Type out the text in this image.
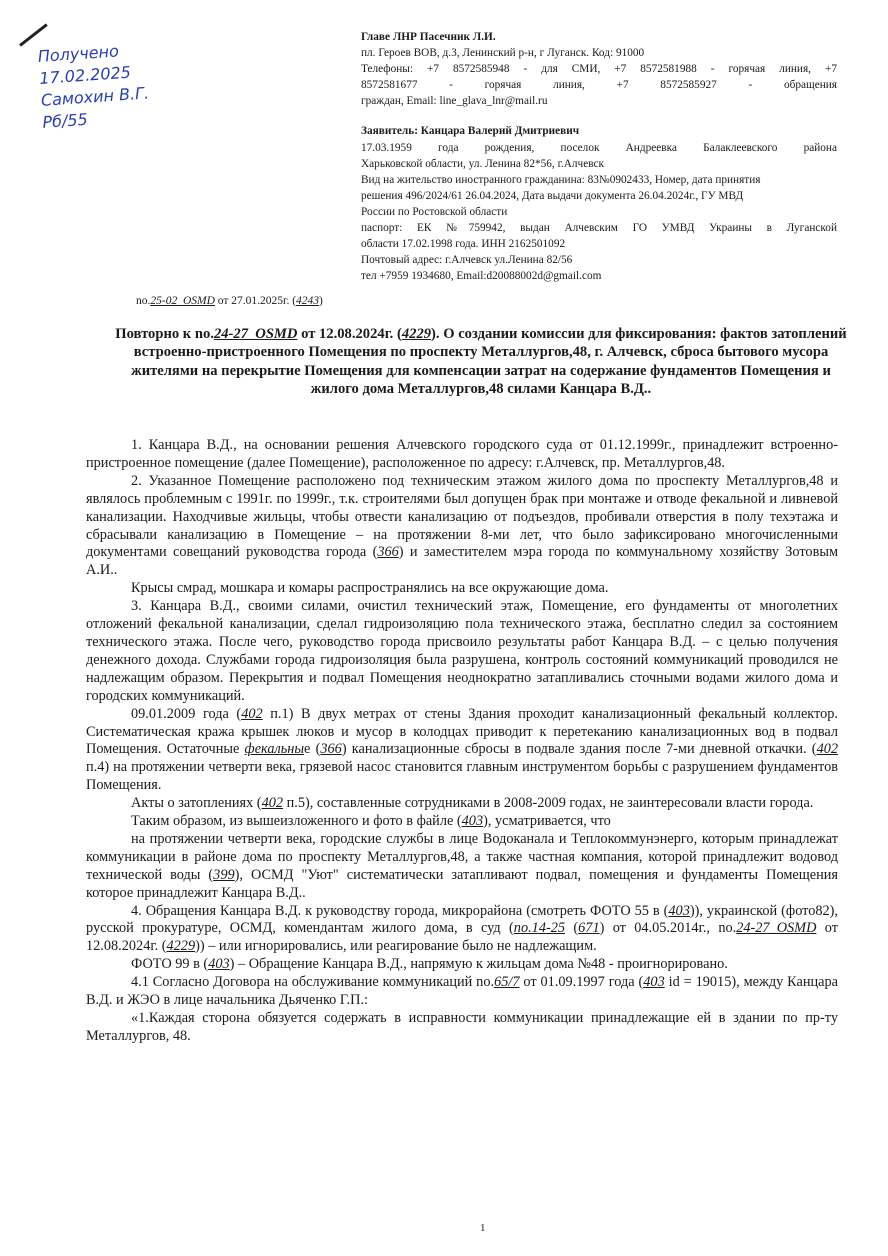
Получено
17.02.2025
Самохин В.Г.
Рб/55
Главе ЛНР Пасечник Л.И.
пл. Героев ВОВ, д.3, Ленинский р-н, г Луганск. Код: 91000
Телефоны: +7 8572585948 - для СМИ, +7 8572581988 - горячая линия, +7
8572581677 - горячая линия, +7 8572585927 - обращения
граждан, Email: line_glava_lnr@mail.ru
Заявитель: Канцара Валерий Дмитриевич
17.03.1959 года рождения, поселок Андреевка Балаклеевского района
Харьковской области, ул. Ленина 82*56, г.Алчевск
Вид на жительство иностранного гражданина: 83№0902433, Номер, дата принятия
решения 496/2024/61 26.04.2024, Дата выдачи документа 26.04.2024г., ГУ МВД
России по Ростовской области
паспорт: ЕК №759942, выдан Алчевским ГО УМВД Украины в Луганской
области 17.02.1998 года. ИНН 2162501092
Почтовый адрес: г.Алчевск ул.Ленина 82/56
тел +7959 1934680, Email:d20088002d@gmail.com
no.25-02_OSMD от 27.01.2025г. (4243)
Повторно к no.24-27_OSMD от 12.08.2024г. (4229). О создании комиссии для фиксирования: фактов затоплений встроенно-пристроенного Помещения по проспекту Металлургов,48, г. Алчевск, сброса бытового мусора жителями на перекрытие Помещения для компенсации затрат на содержание фундаментов Помещения и жилого дома Металлургов,48 силами Канцара В.Д..

1. Канцара В.Д., на основании решения Алчевского городского суда от 01.12.1999г., принадлежит встроенно-пристроенное помещение (далее Помещение), расположенное по адресу: г.Алчевск, пр. Металлургов,48.

2. Указанное Помещение расположено под техническим этажом жилого дома по проспекту Металлургов,48 и являлось проблемным с 1991г. по 1999г., т.к. строителями был допущен брак при монтаже и отводе фекальной и ливневой канализации. Находчивые жильцы, чтобы отвести канализацию от подъездов, пробивали отверстия в полу техэтажа и сбрасывали канализацию в Помещение – на протяжении 8-ми лет, что было зафиксировано многочисленными документами совещаний руководства города (366) и заместителем мэра города по коммунальному хозяйству Зотовым А.И..

Крысы смрад, мошкара и комары распространялись на все окружающие дома.

3. Канцара В.Д., своими силами, очистил технический этаж, Помещение, его фундаменты от многолетних отложений фекальной канализации, сделал гидроизоляцию пола технического этажа, бесплатно следил за состоянием технического этажа. После чего, руководство города присвоило результаты работ Канцара В.Д. – с целью получения денежного дохода. Службами города гидроизоляция была разрушена, контроль состояний коммуникаций проводился не надлежащим образом. Перекрытия и подвал Помещения неоднократно затапливались сточными водами жилого дома и городских коммуникаций.

09.01.2009 года (402 п.1) В двух метрах от стены Здания проходит канализационный фекальный коллектор. Систематическая кража крышек люков и мусор в колодцах приводит к перетеканию канализационных вод в подвал Помещения. Остаточные фекальные (366) канализационные сбросы в подвале здания после 7-ми дневной откачки. (402 п.4) на протяжении четверти века, грязевой насос становится главным инструментом борьбы с разрушением фундаментов Помещения.

Акты о затоплениях (402 п.5), составленные сотрудниками в 2008-2009 годах, не заинтересовали власти города.

Таким образом, из вышеизложенного и фото в файле (403), усматривается, что

на протяжении четверти века, городские службы в лице Водоканала и Теплокоммунэнерго, которым принадлежат коммуникации в районе дома по проспекту Металлургов,48, а также частная компания, которой принадлежит водовод технической воды (399), ОСМД "Уют" систематически затапливают подвал, помещения и фундаменты Помещения которое принадлежит Канцара В.Д..

4. Обращения Канцара В.Д. к руководству города, микрорайона (смотреть ФОТО 55 в (403)), украинской (фото82), русской прокуратуре, ОСМД, комендантам жилого дома, в суд (no.14-25 (671) от 04.05.2014г., no.24-27_OSMD от 12.08.2024г. (4229)) – или игнорировались, или реагирование было не надлежащим.

ФОТО 99 в (403) – Обращение Канцара В.Д., напрямую к жильцам дома №48 - проигнорировано.

4.1 Согласно Договора на обслуживание коммуникаций no.65/7 от 01.09.1997 года (403 id = 19015), между Канцара В.Д. и ЖЭО в лице начальника Дьяченко Г.П.:

«1.Каждая сторона обязуется содержать в исправности коммуникации принадлежащие ей в здании по пр-ту Металлургов, 48.

1
